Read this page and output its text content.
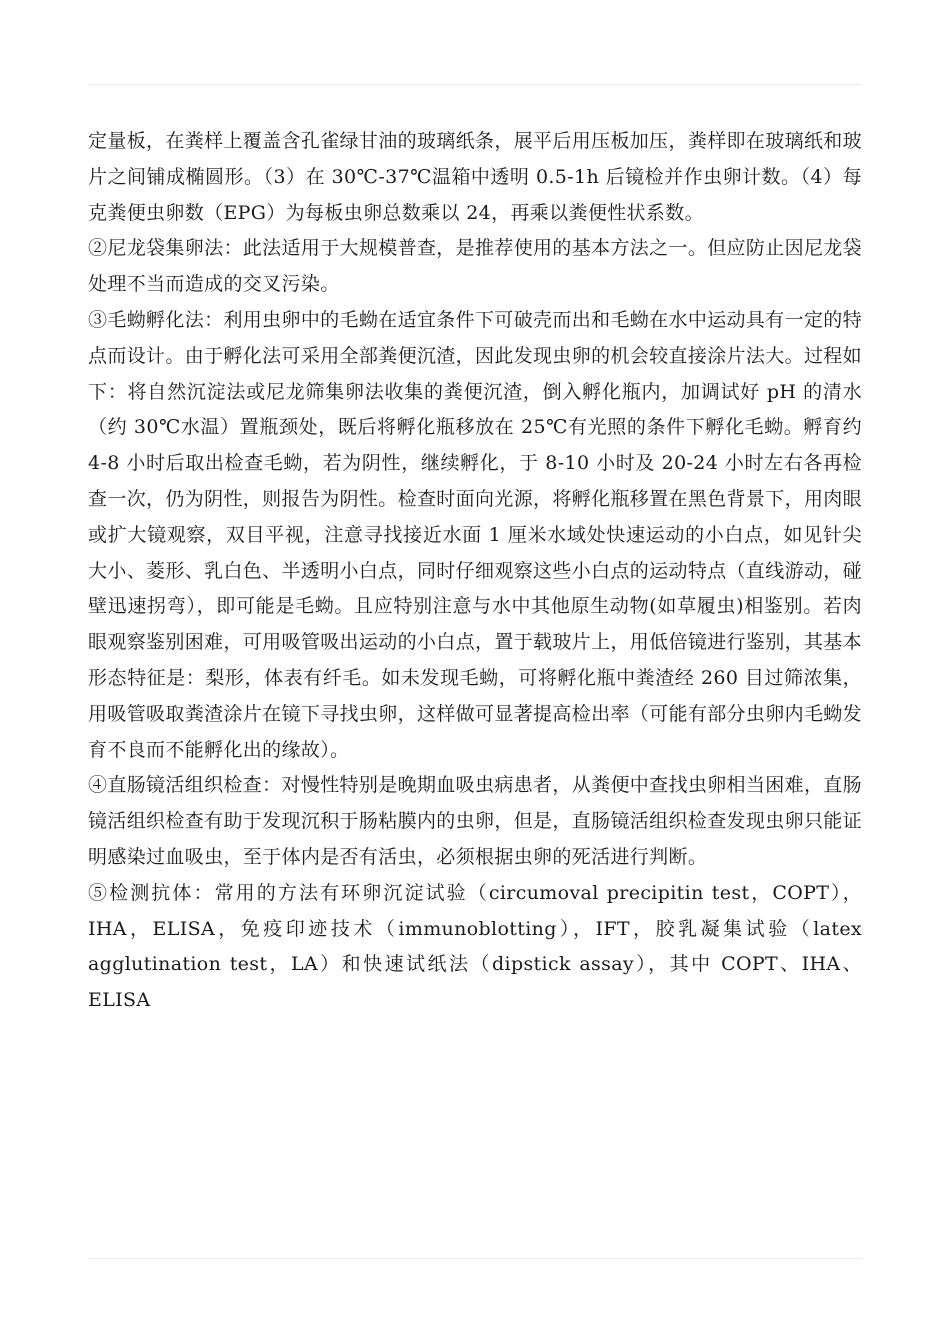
定量板，在粪样上覆盖含孔雀绿甘油的玻璃纸条，展平后用压板加压，粪样即在玻璃纸和玻片之间铺成椭圆形。（3）在 30℃-37℃温箱中透明 0.5-1h 后镜检并作虫卵计数。（4）每克粪便虫卵数（EPG）为每板虫卵总数乘以 24，再乘以粪便性状系数。

②尼龙袋集卵法：此法适用于大规模普查，是推荐使用的基本方法之一。但应防止因尼龙袋处理不当而造成的交叉污染。

③毛蚴孵化法：利用虫卵中的毛蚴在适宜条件下可破壳而出和毛蚴在水中运动具有一定的特点而设计。由于孵化法可采用全部粪便沉渣，因此发现虫卵的机会较直接涂片法大。过程如下：将自然沉淀法或尼龙筛集卵法收集的粪便沉渣，倒入孵化瓶内，加调试好 pH 的清水（约 30℃水温）置瓶颈处，既后将孵化瓶移放在 25℃有光照的条件下孵化毛蚴。孵育约 4-8 小时后取出检查毛蚴，若为阴性，继续孵化，于 8-10 小时及 20-24 小时左右各再检查一次，仍为阴性，则报告为阴性。检查时面向光源，将孵化瓶移置在黑色背景下，用肉眼或扩大镜观察，双目平视，注意寻找接近水面 1 厘米水域处快速运动的小白点，如见针尖大小、菱形、乳白色、半透明小白点，同时仔细观察这些小白点的运动特点（直线游动，碰壁迅速拐弯），即可能是毛蚴。且应特别注意与水中其他原生动物(如草履虫)相鉴别。若肉眼观察鉴别困难，可用吸管吸出运动的小白点，置于载玻片上，用低倍镜进行鉴别，其基本形态特征是：梨形，体表有纤毛。如未发现毛蚴，可将孵化瓶中粪渣经 260 目过筛浓集，用吸管吸取粪渣涂片在镜下寻找虫卵，这样做可显著提高检出率（可能有部分虫卵内毛蚴发育不良而不能孵化出的缘故）。

④直肠镜活组织检查：对慢性特别是晚期血吸虫病患者，从粪便中查找虫卵相当困难，直肠镜活组织检查有助于发现沉积于肠粘膜内的虫卵，但是，直肠镜活组织检查发现虫卵只能证明感染过血吸虫，至于体内是否有活虫，必须根据虫卵的死活进行判断。

⑤检测抗体：常用的方法有环卵沉淀试验（circumoval precipitin test，COPT），IHA，ELISA，免疫印迹技术（immunoblotting），IFT，胶乳凝集试验（latex agglutination test，LA）和快速试纸法（dipstick assay），其中 COPT、IHA、ELISA
